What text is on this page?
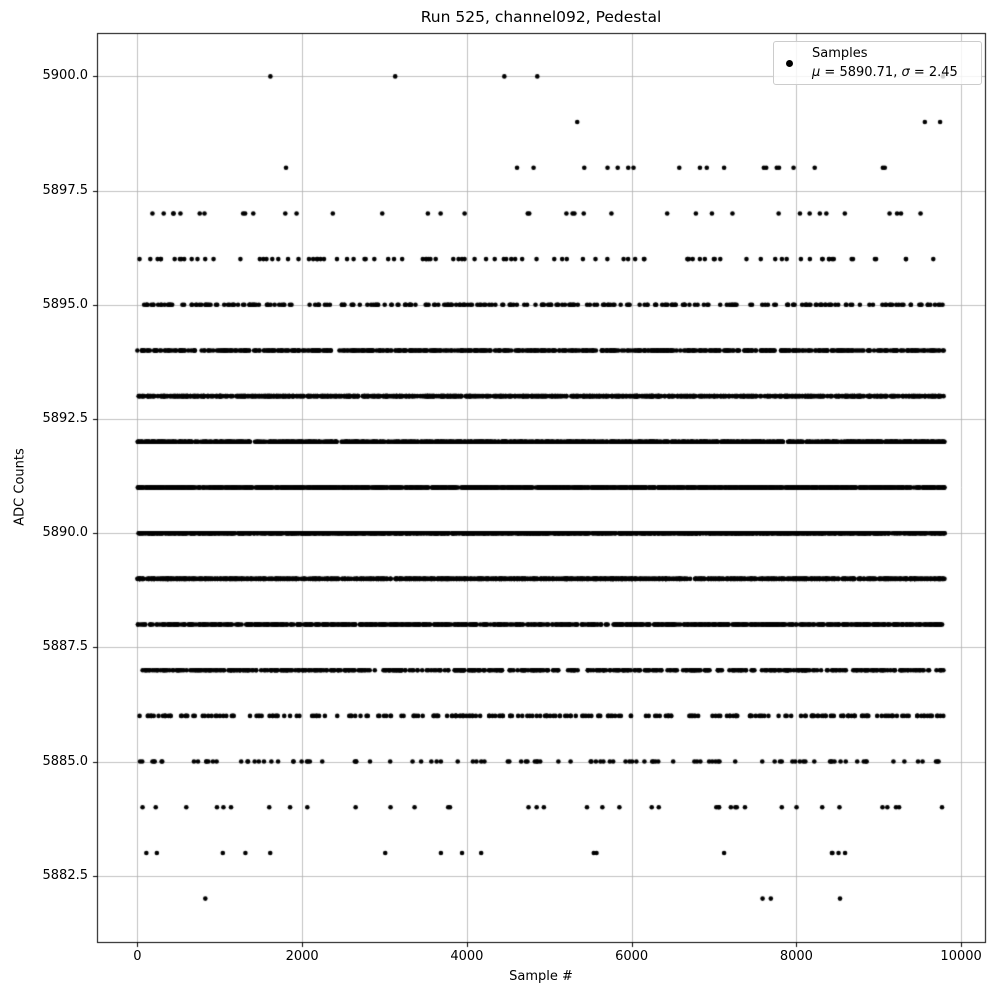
Run 525, channel092, Pedestal
ADC Counts
Sample #
5900.0
5897.5
5895.0
5892.5
5890.0
5887.5
5885.0
5882.5
0	2000	4000	6000	8000	10000
Samples
μ = 5890.71, σ = 2.45
